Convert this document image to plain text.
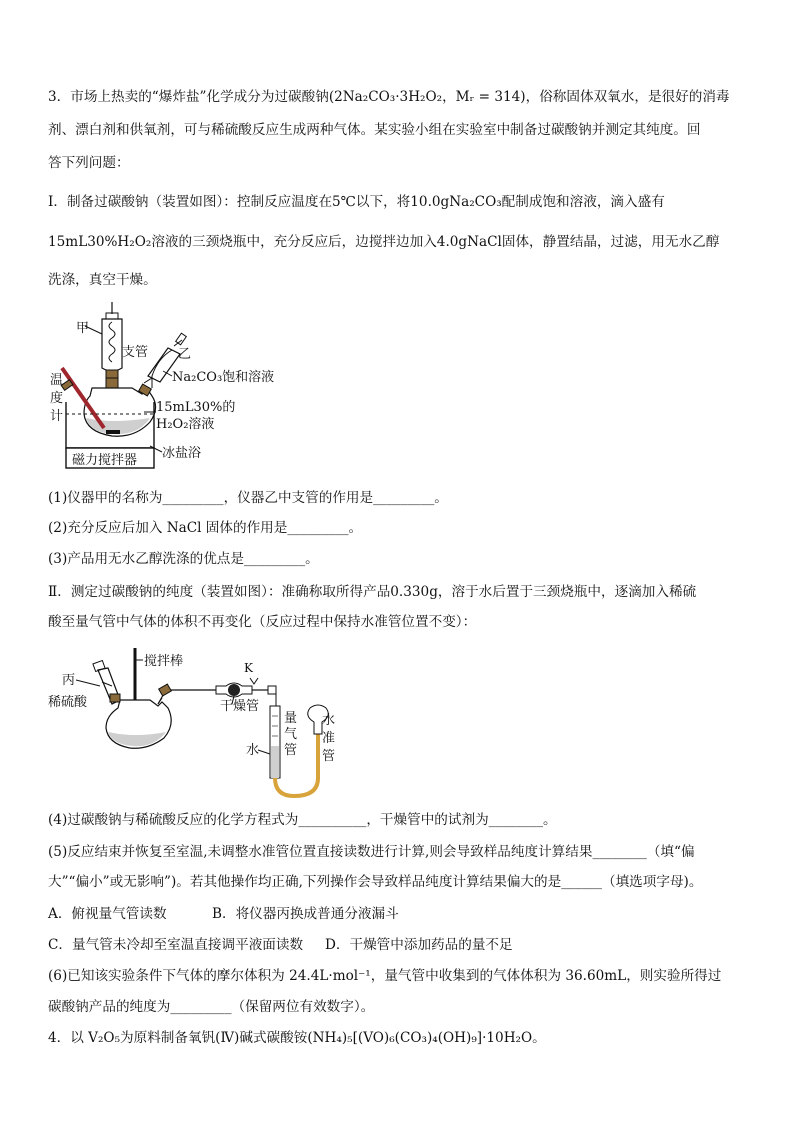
3．市场上热卖的“爆炸盐”化学成分为过碳酸钠(2Na₂CO₃·3H₂O₂，Mᵣ = 314)，俗称固体双氧水，是很好的消毒
剂、漂白剂和供氧剂，可与稀硫酸反应生成两种气体。某实验小组在实验室中制备过碳酸钠并测定其纯度。回
答下列问题：
Ⅰ．制备过碳酸钠（装置如图）：控制反应温度在5℃以下，将10.0gNa₂CO₃配制成饱和溶液，滴入盛有
15mL30%H₂O₂溶液的三颈烧瓶中，充分反应后，边搅拌边加入4.0gNaCl固体，静置结晶，过滤，用无水乙醇
洗涤，真空干燥。
甲
支管 乙
Na₂CO₃饱和溶液
温
度
计
磁力搅拌器
15mL30%的
H₂O₂溶液
冰盐浴
(1)仪器甲的名称为_________，仪器乙中支管的作用是_________。
(2)充分反应后加入 NaCl 固体的作用是_________。
(3)产品用无水乙醇洗涤的优点是_________。
Ⅱ．测定过碳酸钠的纯度（装置如图）：准确称取所得产品0.330g，溶于水后置于三颈烧瓶中，逐滴加入稀硫
酸至量气管中气体的体积不再变化（反应过程中保持水准管位置不变）：
搅拌棒
丙
稀硫酸	干燥管
K
量
气
管
水
水
准
管
(4)过碳酸钠与稀硫酸反应的化学方程式为__________，干燥管中的试剂为________。
(5)反应结束并恢复至室温,未调整水准管位置直接读数进行计算,则会导致样品纯度计算结果________（填“偏
大”“偏小”或无影响”)。若其他操作均正确,下列操作会导致样品纯度计算结果偏大的是______（填选项字母)。
A．俯视量气管读数	B．将仪器丙换成普通分液漏斗
C．量气管未冷却至室温直接调平液面读数 D．干燥管中添加药品的量不足
(6)已知该实验条件下气体的摩尔体积为 24.4L·mol⁻¹，量气管中收集到的气体体积为 36.60mL，则实验所得过
碳酸钠产品的纯度为_________（保留两位有效数字）。
4．以 V₂O₅为原料制备氧钒(Ⅳ)碱式碳酸铵(NH₄)₅[(VO)₆(CO₃)₄(OH)₉]·10H₂O。
